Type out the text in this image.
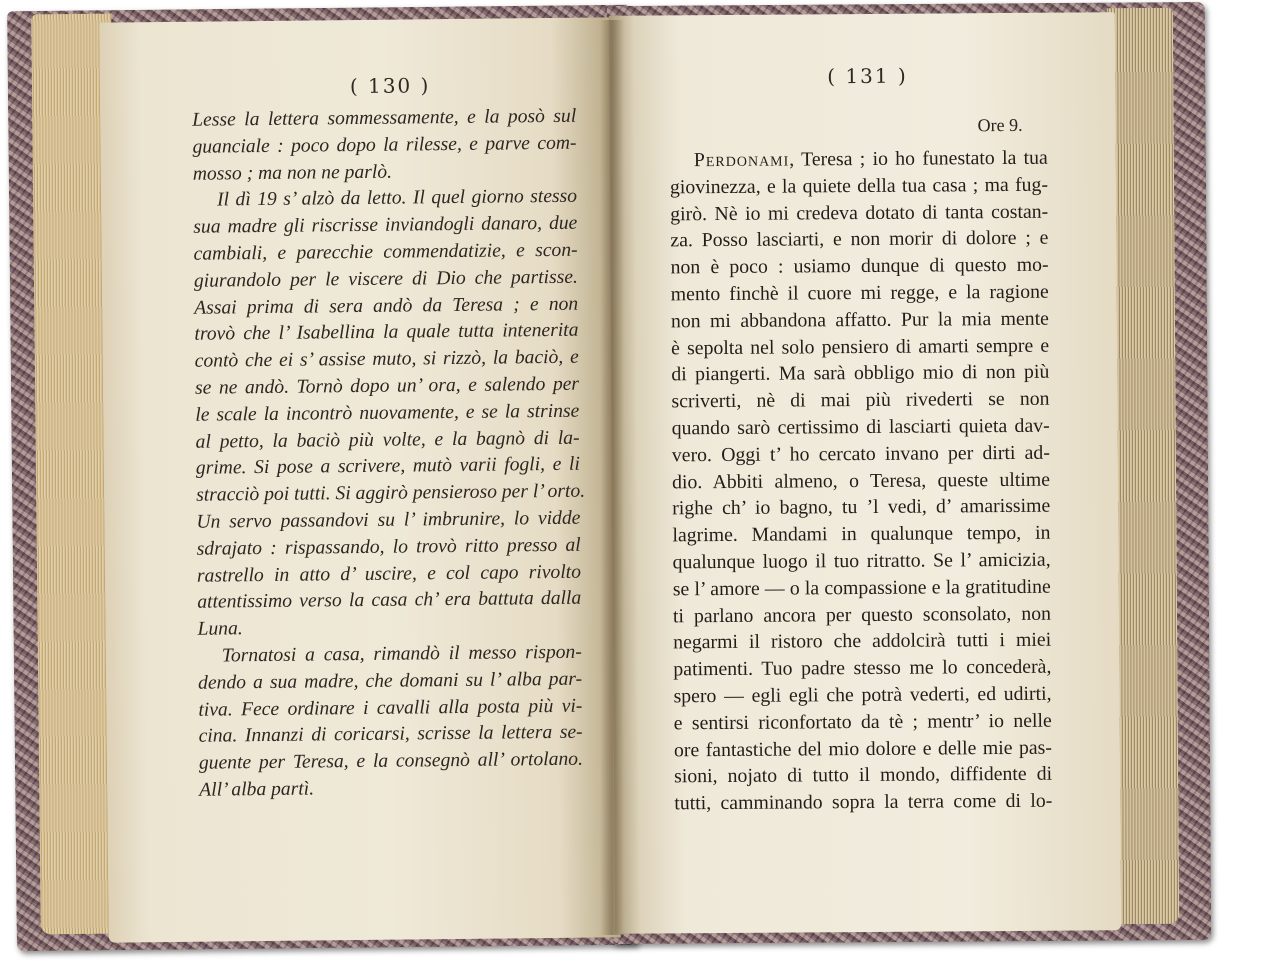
( 130 )
Lesse la lettera sommessamente, e la posò sul
guanciale : poco dopo la rilesse, e parve com-
mosso ; ma non ne parlò.
Il dì 19 s’ alzò da letto. Il quel giorno stesso
sua madre gli riscrisse inviandogli danaro, due
cambiali, e parecchie commendatizie, e scon-
giurandolo per le viscere di Dio che partisse.
Assai prima di sera andò da Teresa ; e non
trovò che l’ Isabellina la quale tutta intenerita
contò che ei s’ assise muto, si rizzò, la baciò, e
se ne andò. Tornò dopo un’ ora, e salendo per
le scale la incontrò nuovamente, e se la strinse
al petto, la baciò più volte, e la bagnò di la-
grime. Si pose a scrivere, mutò varii fogli, e li
stracciò poi tutti. Si aggirò pensieroso per l’ orto.
Un servo passandovi su l’ imbrunire, lo vidde
sdrajato : rispassando, lo trovò ritto presso al
rastrello in atto d’ uscire, e col capo rivolto
attentissimo verso la casa ch’ era battuta dalla
Luna.
Tornatosi a casa, rimandò il messo rispon-
dendo a sua madre, che domani su l’ alba par-
tiva. Fece ordinare i cavalli alla posta più vi-
cina. Innanzi di coricarsi, scrisse la lettera se-
guente per Teresa, e la consegnò all’ ortolano.
All’ alba partì.
( 131 )
Ore 9.
Perdonami, Teresa ; io ho funestato la tua
giovinezza, e la quiete della tua casa ; ma fug-
girò. Nè io mi credeva dotato di tanta costan-
za. Posso lasciarti, e non morir di dolore ; e
non è poco : usiamo dunque di questo mo-
mento finchè il cuore mi regge, e la ragione
non mi abbandona affatto. Pur la mia mente
è sepolta nel solo pensiero di amarti sempre e
di piangerti. Ma sarà obbligo mio di non più
scriverti, nè di mai più rivederti se non
quando sarò certissimo di lasciarti quieta dav-
vero. Oggi t’ ho cercato invano per dirti ad-
dio. Abbiti almeno, o Teresa, queste ultime
righe ch’ io bagno, tu ’l vedi, d’ amarissime
lagrime. Mandami in qualunque tempo, in
qualunque luogo il tuo ritratto. Se l’ amicizia,
se l’ amore — o la compassione e la gratitudine
ti parlano ancora per questo sconsolato, non
negarmi il ristoro che addolcirà tutti i miei
patimenti. Tuo padre stesso me lo concederà,
spero — egli egli che potrà vederti, ed udirti,
e sentirsi riconfortato da tè ; mentr’ io nelle
ore fantastiche del mio dolore e delle mie pas-
sioni, nojato di tutto il mondo, diffidente di
tutti, camminando sopra la terra come di lo-
